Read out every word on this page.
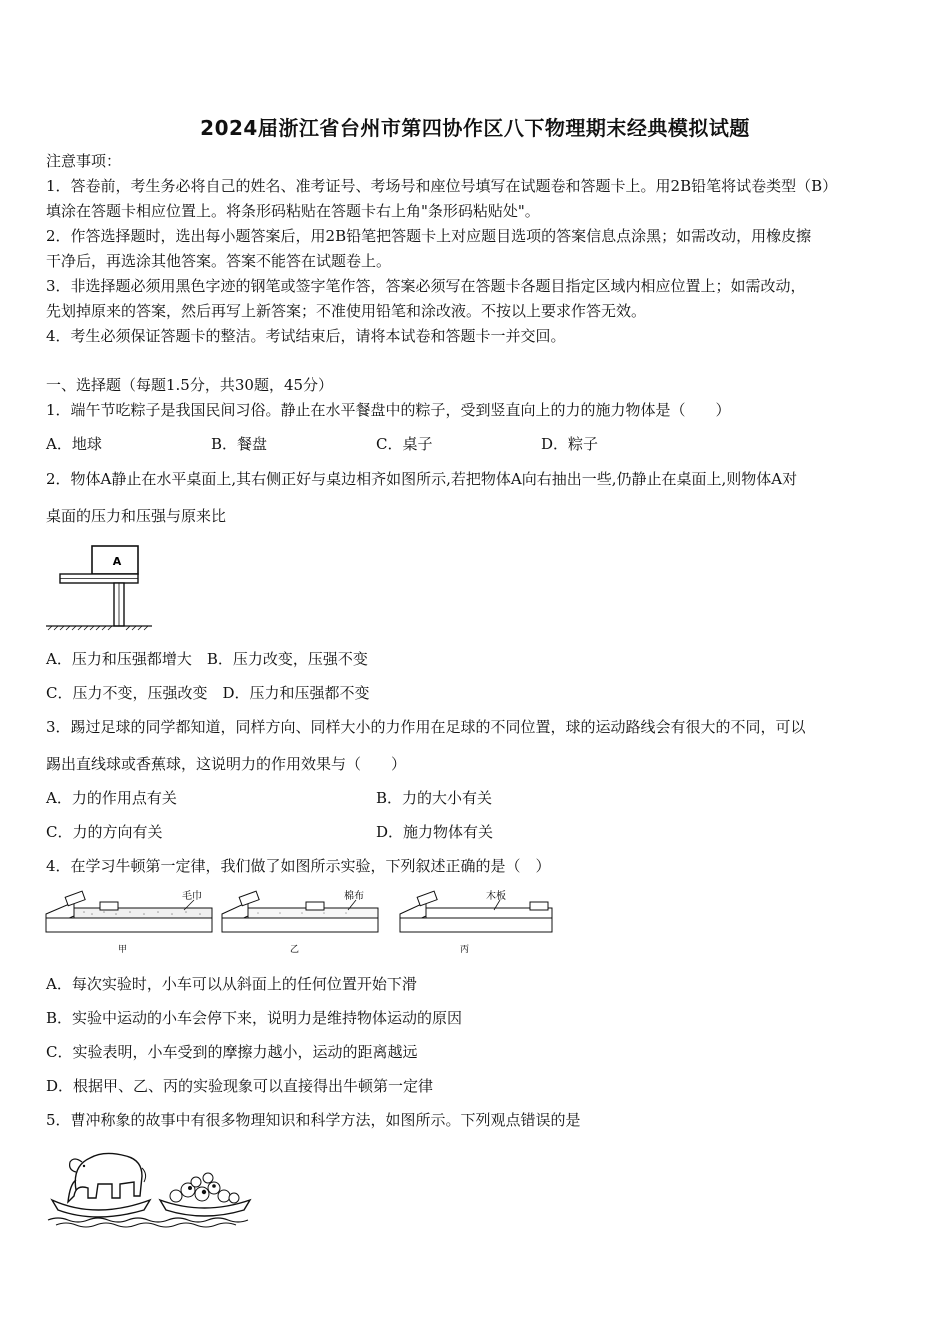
2024届浙江省台州市第四协作区八下物理期末经典模拟试题
注意事项：
1．答卷前，考生务必将自己的姓名、准考证号、考场号和座位号填写在试题卷和答题卡上。用2B铅笔将试卷类型（B）
填涂在答题卡相应位置上。将条形码粘贴在答题卡右上角"条形码粘贴处"。
2．作答选择题时，选出每小题答案后，用2B铅笔把答题卡上对应题目选项的答案信息点涂黑；如需改动，用橡皮擦
干净后，再选涂其他答案。答案不能答在试题卷上。
3．非选择题必须用黑色字迹的钢笔或签字笔作答，答案必须写在答题卡各题目指定区域内相应位置上；如需改动，
先划掉原来的答案，然后再写上新答案；不准使用铅笔和涂改液。不按以上要求作答无效。
4．考生必须保证答题卡的整洁。考试结束后，请将本试卷和答题卡一并交回。
一、选择题（每题1.5分，共30题，45分）
1．端午节吃粽子是我国民间习俗。静止在水平餐盘中的粽子，受到竖直向上的力的施力物体是（　　）
A．地球	B．餐盘	C．桌子	D．粽子
2．物体A静止在水平桌面上,其右侧正好与桌边相齐如图所示,若把物体A向右抽出一些,仍静止在桌面上,则物体A对
桌面的压力和压强与原来比
A
A．压力和压强都增大　B．压力改变，压强不变
C．压力不变，压强改变　D．压力和压强都不变
3．踢过足球的同学都知道，同样方向、同样大小的力作用在足球的不同位置，球的运动路线会有很大的不同，可以
踢出直线球或香蕉球，这说明力的作用效果与（　　）
A．力的作用点有关	B．力的大小有关
C．力的方向有关	D．施力物体有关
4．在学习牛顿第一定律，我们做了如图所示实验，下列叙述正确的是（　）
毛巾
甲
棉布
乙
木板
丙
A．每次实验时，小车可以从斜面上的任何位置开始下滑
B．实验中运动的小车会停下来，说明力是维持物体运动的原因
C．实验表明，小车受到的摩擦力越小，运动的距离越远
D．根据甲、乙、丙的实验现象可以直接得出牛顿第一定律
5．曹冲称象的故事中有很多物理知识和科学方法，如图所示。下列观点错误的是
